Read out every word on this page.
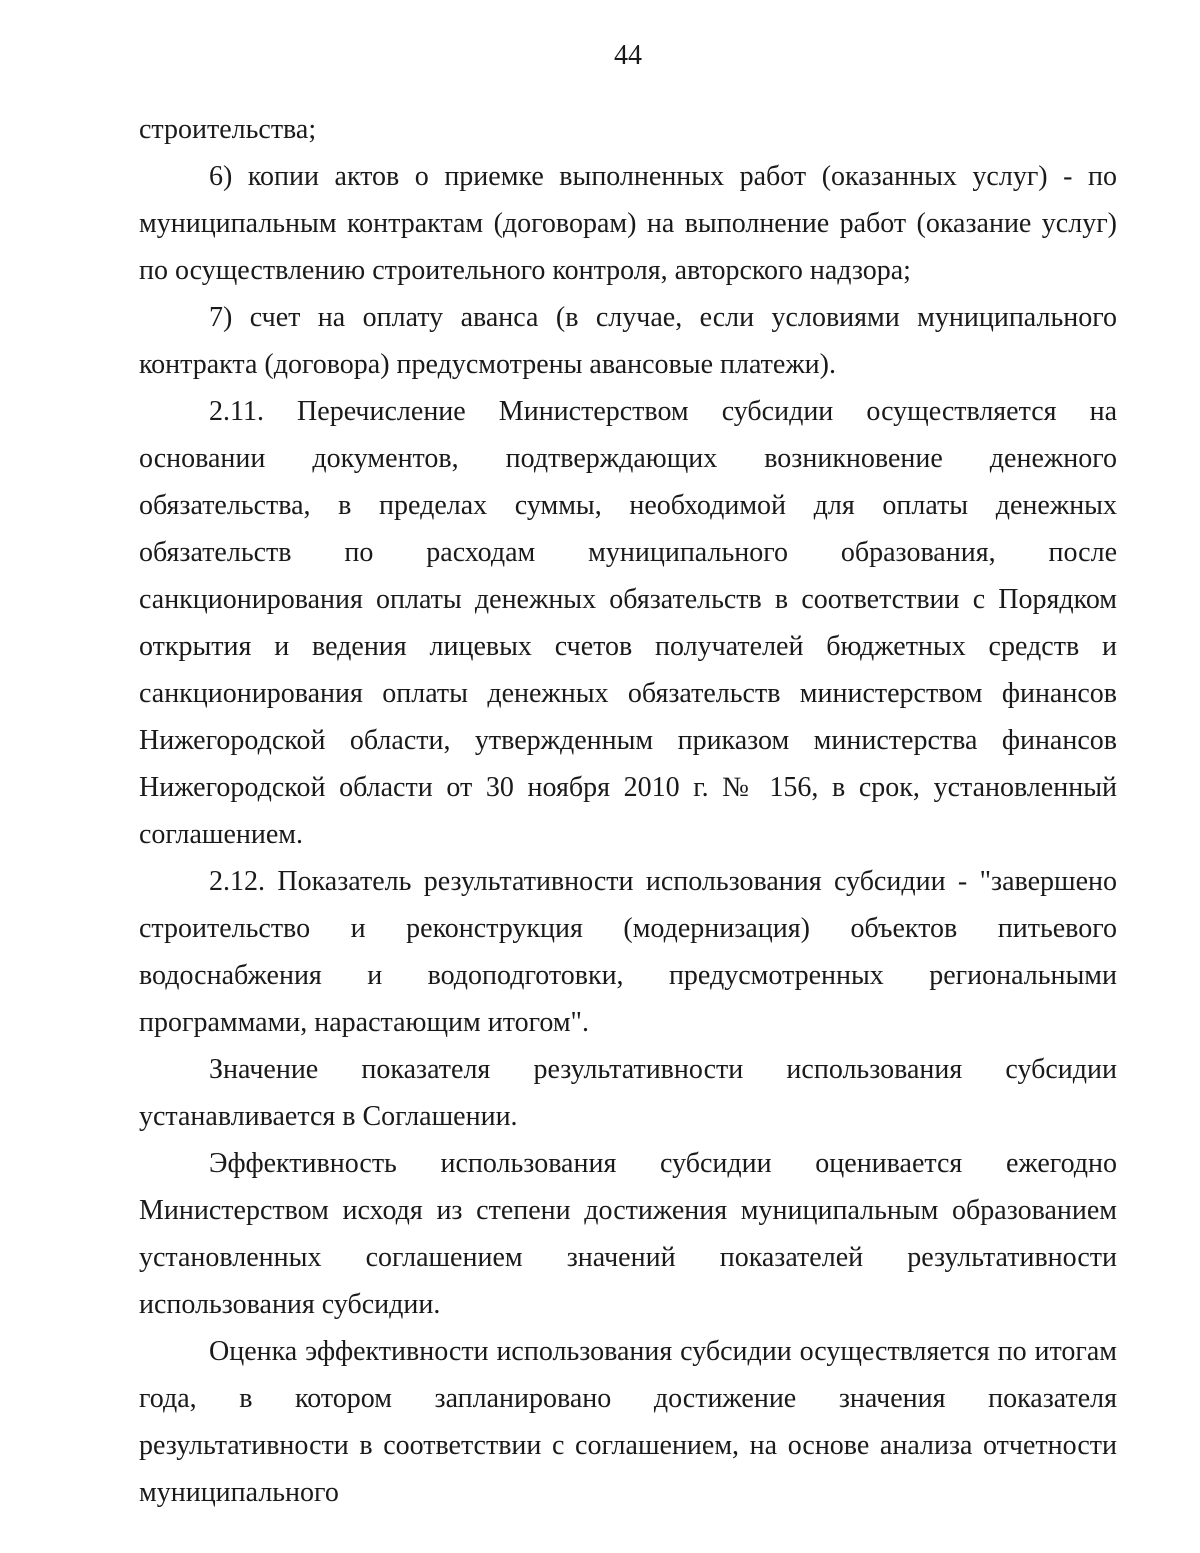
44

строительства;

6) копии актов о приемке выполненных работ (оказанных услуг) - по муниципальным контрактам (договорам) на выполнение работ (оказание услуг) по осуществлению строительного контроля, авторского надзора;

7) счет на оплату аванса (в случае, если условиями муниципального контракта (договора) предусмотрены авансовые платежи).

2.11. Перечисление Министерством субсидии осуществляется на основании документов, подтверждающих возникновение денежного обязательства, в пределах суммы, необходимой для оплаты денежных обязательств по расходам муниципального образования, после санкционирования оплаты денежных обязательств в соответствии с Порядком открытия и ведения лицевых счетов получателей бюджетных средств и санкционирования оплаты денежных обязательств министерством финансов Нижегородской области, утвержденным приказом министерства финансов Нижегородской области от 30 ноября 2010 г. № 156, в срок, установленный соглашением.

2.12. Показатель результативности использования субсидии - "завершено строительство и реконструкция (модернизация) объектов питьевого водоснабжения и водоподготовки, предусмотренных региональными программами, нарастающим итогом".

Значение показателя результативности использования субсидии устанавливается в Соглашении.

Эффективность использования субсидии оценивается ежегодно Министерством исходя из степени достижения муниципальным образованием установленных соглашением значений показателей результативности использования субсидии.

Оценка эффективности использования субсидии осуществляется по итогам года, в котором запланировано достижение значения показателя результативности в соответствии с соглашением, на основе анализа отчетности муниципального
